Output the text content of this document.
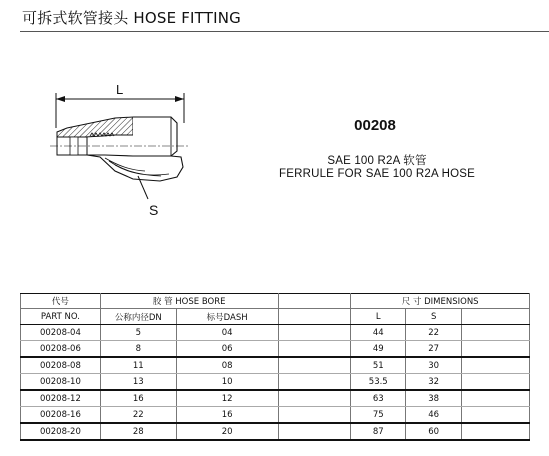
可拆式软管接头 HOSE FITTING
L
S
00208
SAE 100 R2A 软管
FERRULE FOR SAE 100 R2A HOSE
代号	胶 管 HOSE BORE			尺 寸 DIMENSIONS		
PART NO.	公称内径DN	标号DASH		L	S	
00208-04	5	04		44	22	
00208-06	8	06		49	27	
00208-08	11	08		51	30	
00208-10	13	10		53.5	32	
00208-12	16	12		63	38	
00208-16	22	16		75	46	
00208-20	28	20		87	60	
